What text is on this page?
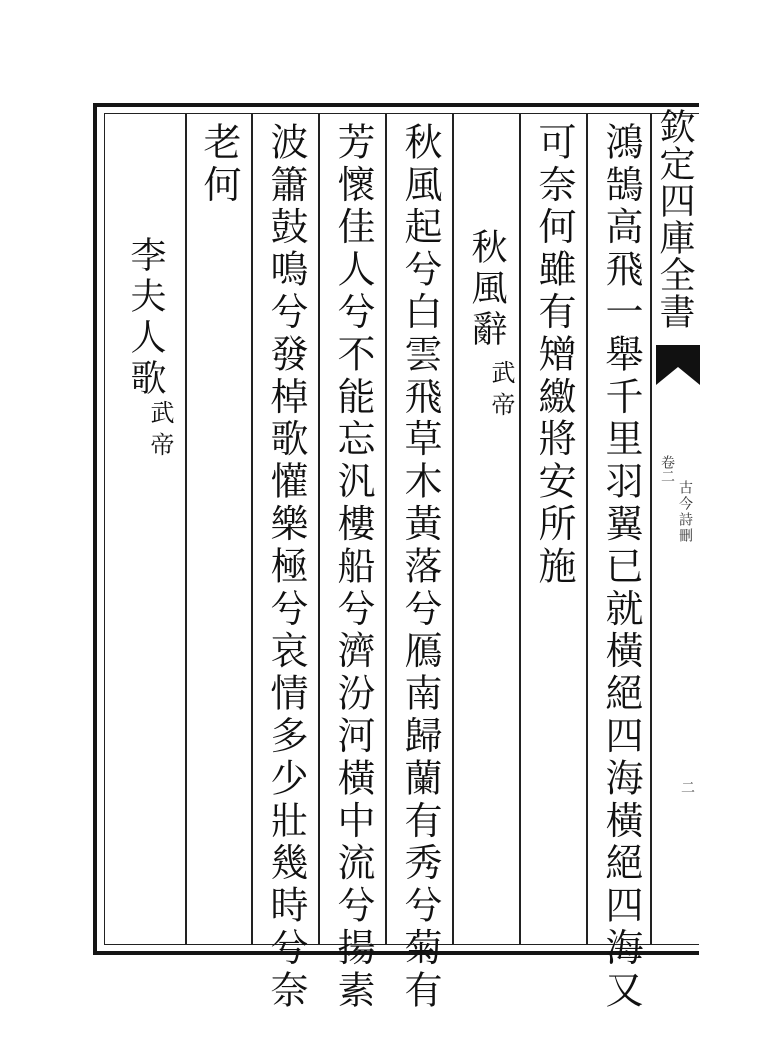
欽定四庫全書
卷二
古今詩刪
二
鴻鵠高飛一舉千里羽翼已就橫絕四海橫絕四海又
可奈何雖有矰繳將安所施
秋風辭
武帝
秋風起兮白雲飛草木黃落兮鴈南歸蘭有秀兮菊有
芳懷佳人兮不能忘汎樓船兮濟汾河橫中流兮揚素
波簫鼓鳴兮發棹歌懽樂極兮哀情多少壯幾時兮奈
老何
李夫人歌
武帝
